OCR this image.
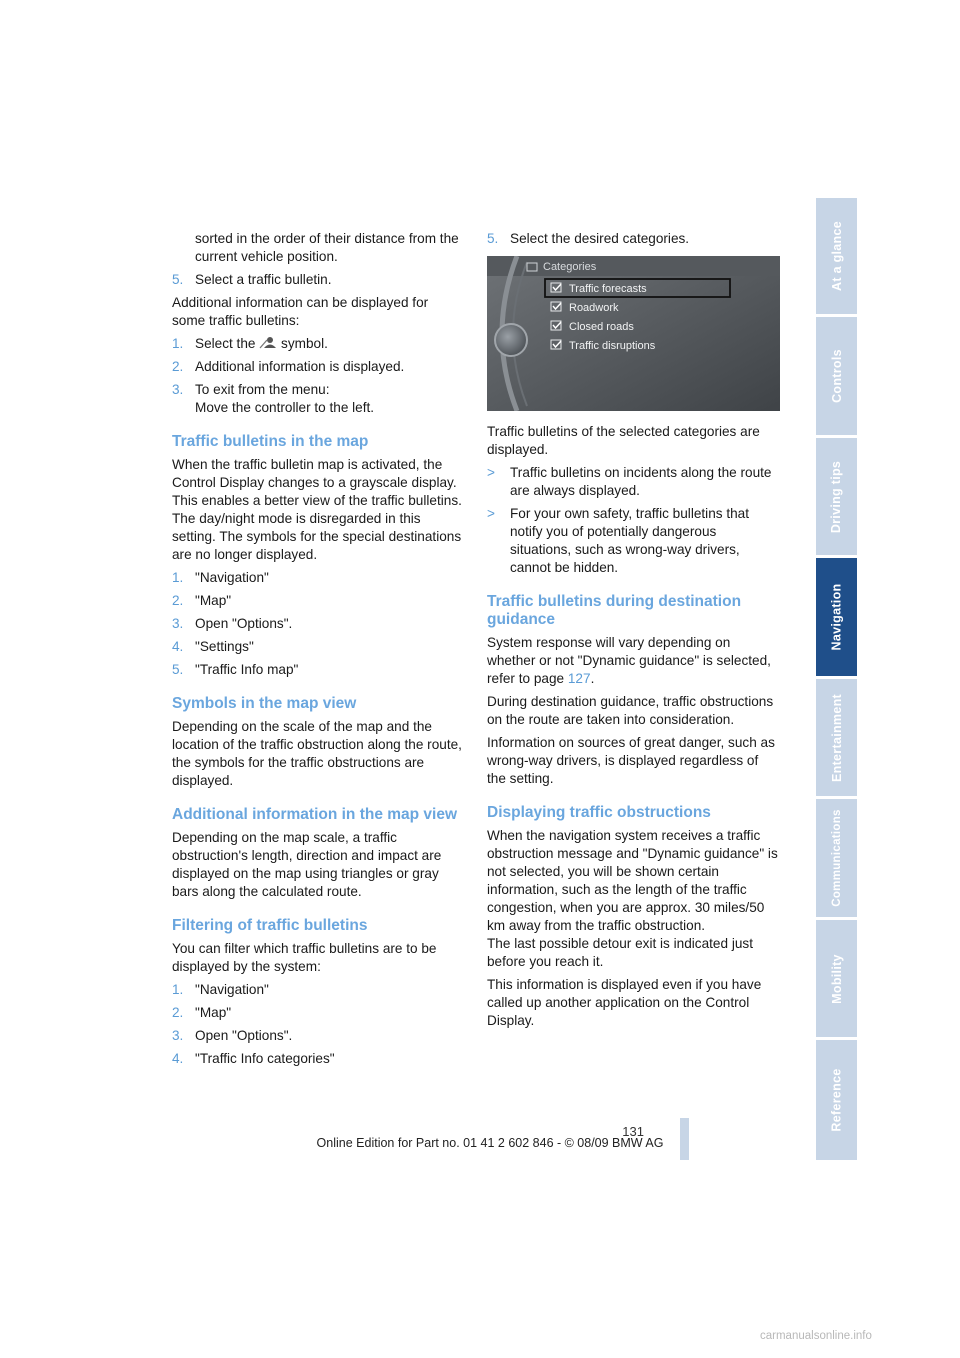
sorted in the order of their distance from the current vehicle position.

5. Select a traffic bulletin.

Additional information can be displayed for some traffic bulletins:

1. Select the symbol.
2. Additional information is displayed.
3. To exit from the menu:
Move the controller to the left.
Traffic bulletins in the map

When the traffic bulletin map is activated, the Control Display changes to a grayscale display. This enables a better view of the traffic bulletins. The day/night mode is disregarded in this setting. The symbols for the special destinations are no longer displayed.

1. "Navigation"
2. "Map"
3. Open "Options".
4. "Settings"
5. "Traffic Info map"
Symbols in the map view

Depending on the scale of the map and the location of the traffic obstruction along the route, the symbols for the traffic obstructions are displayed.

Additional information in the map view

Depending on the map scale, a traffic obstruction's length, direction and impact are displayed on the map using triangles or gray bars along the calculated route.

Filtering of traffic bulletins

You can filter which traffic bulletins are to be displayed by the system:

1. "Navigation"
2. "Map"
3. Open "Options".
4. "Traffic Info categories"
5. Select the desired categories.
Categories
Traffic forecasts
Roadwork
Closed roads
Traffic disruptions

Traffic bulletins of the selected categories are displayed.

> Traffic bulletins on incidents along the route are always displayed.
> For your own safety, traffic bulletins that notify you of potentially dangerous situations, such as wrong-way drivers, cannot be hidden.
Traffic bulletins during destination guidance

System response will vary depending on whether or not "Dynamic guidance" is selected, refer to page 127.

During destination guidance, traffic obstructions on the route are taken into consideration.

Information on sources of great danger, such as wrong-way drivers, is displayed regardless of the setting.

Displaying traffic obstructions

When the navigation system receives a traffic obstruction message and "Dynamic guidance" is not selected, you will be shown certain information, such as the length of the traffic congestion, when you are approx. 30 miles/50 km away from the traffic obstruction.
The last possible detour exit is indicated just before you reach it.

This information is displayed even if you have called up another application on the Control Display.

At a glance
Controls
Driving tips
Navigation
Entertainment
Communications
Mobility
Reference
131
Online Edition for Part no. 01 41 2 602 846 - © 08/09 BMW AG
carmanualsonline.info
